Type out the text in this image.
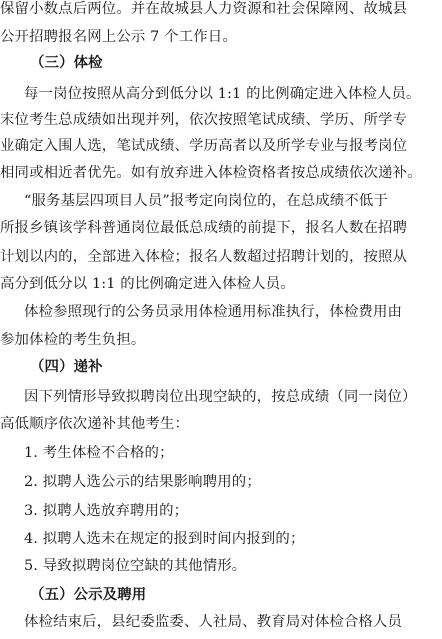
保留小数点后两位。并在故城县人力资源和社会保障网、故城县
公开招聘报名网上公示 7 个工作日。
（三）体检
每一岗位按照从高分到低分以 1:1 的比例确定进入体检人员。
末位考生总成绩如出现并列，依次按照笔试成绩、学历、所学专
业确定入围人选，笔试成绩、学历高者以及所学专业与报考岗位
相同或相近者优先。如有放弃进入体检资格者按总成绩依次递补。
“服务基层四项目人员”报考定向岗位的，在总成绩不低于
所报乡镇该学科普通岗位最低总成绩的前提下，报名人数在招聘
计划以内的，全部进入体检；报名人数超过招聘计划的，按照从
高分到低分以 1:1 的比例确定进入体检人员。
体检参照现行的公务员录用体检通用标准执行，体检费用由
参加体检的考生负担。
（四）递补
因下列情形导致拟聘岗位出现空缺的，按总成绩（同一岗位）
高低顺序依次递补其他考生：
1. 考生体检不合格的；
2. 拟聘人选公示的结果影响聘用的；
3. 拟聘人选放弃聘用的；
4. 拟聘人选未在规定的报到时间内报到的；
5. 导致拟聘岗位空缺的其他情形。
（五）公示及聘用
体检结束后，县纪委监委、人社局、教育局对体检合格人员
